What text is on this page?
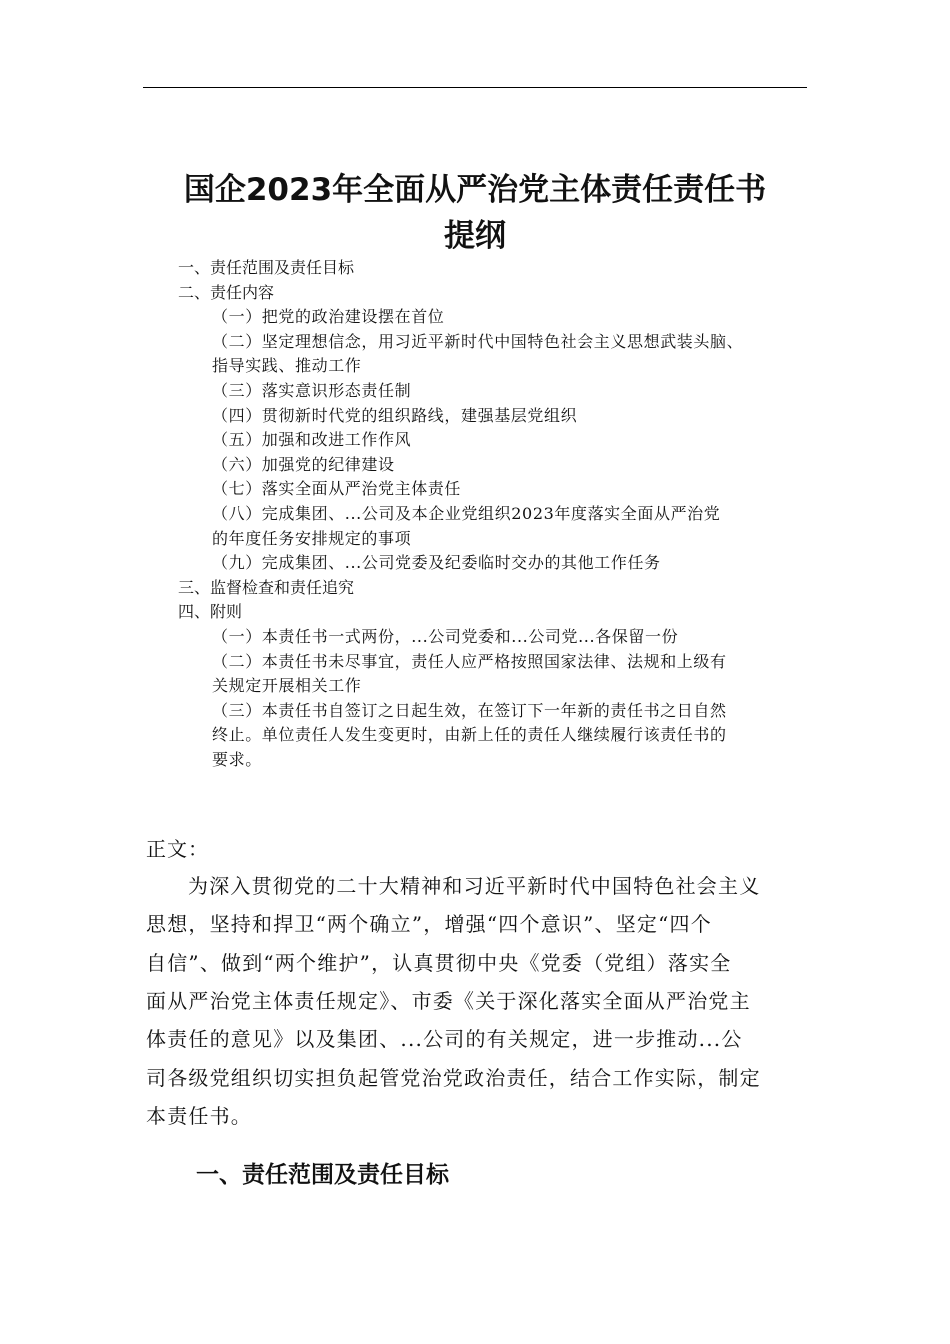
国企2023年全面从严治党主体责任责任书
提纲
一、责任范围及责任目标
二、责任内容
（一）把党的政治建设摆在首位
（二）坚定理想信念，用习近平新时代中国特色社会主义思想武装头脑、
指导实践、推动工作
（三）落实意识形态责任制
（四）贯彻新时代党的组织路线，建强基层党组织
（五）加强和改进工作作风
（六）加强党的纪律建设
（七）落实全面从严治党主体责任
（八）完成集团、...公司及本企业党组织2023年度落实全面从严治党
的年度任务安排规定的事项
（九）完成集团、...公司党委及纪委临时交办的其他工作任务
三、监督检查和责任追究
四、附则
（一）本责任书一式两份，...公司党委和...公司党...各保留一份
（二）本责任书未尽事宜，责任人应严格按照国家法律、法规和上级有
关规定开展相关工作
（三）本责任书自签订之日起生效，在签订下一年新的责任书之日自然
终止。单位责任人发生变更时，由新上任的责任人继续履行该责任书的
要求。
正文：
为深入贯彻党的二十大精神和习近平新时代中国特色社会主义
思想，坚持和捍卫“两个确立”，增强“四个意识”、坚定“四个
自信”、做到“两个维护”，认真贯彻中央《党委（党组）落实全
面从严治党主体责任规定》、市委《关于深化落实全面从严治党主
体责任的意见》以及集团、...公司的有关规定，进一步推动...公
司各级党组织切实担负起管党治党政治责任，结合工作实际，制定
本责任书。
一、责任范围及责任目标
